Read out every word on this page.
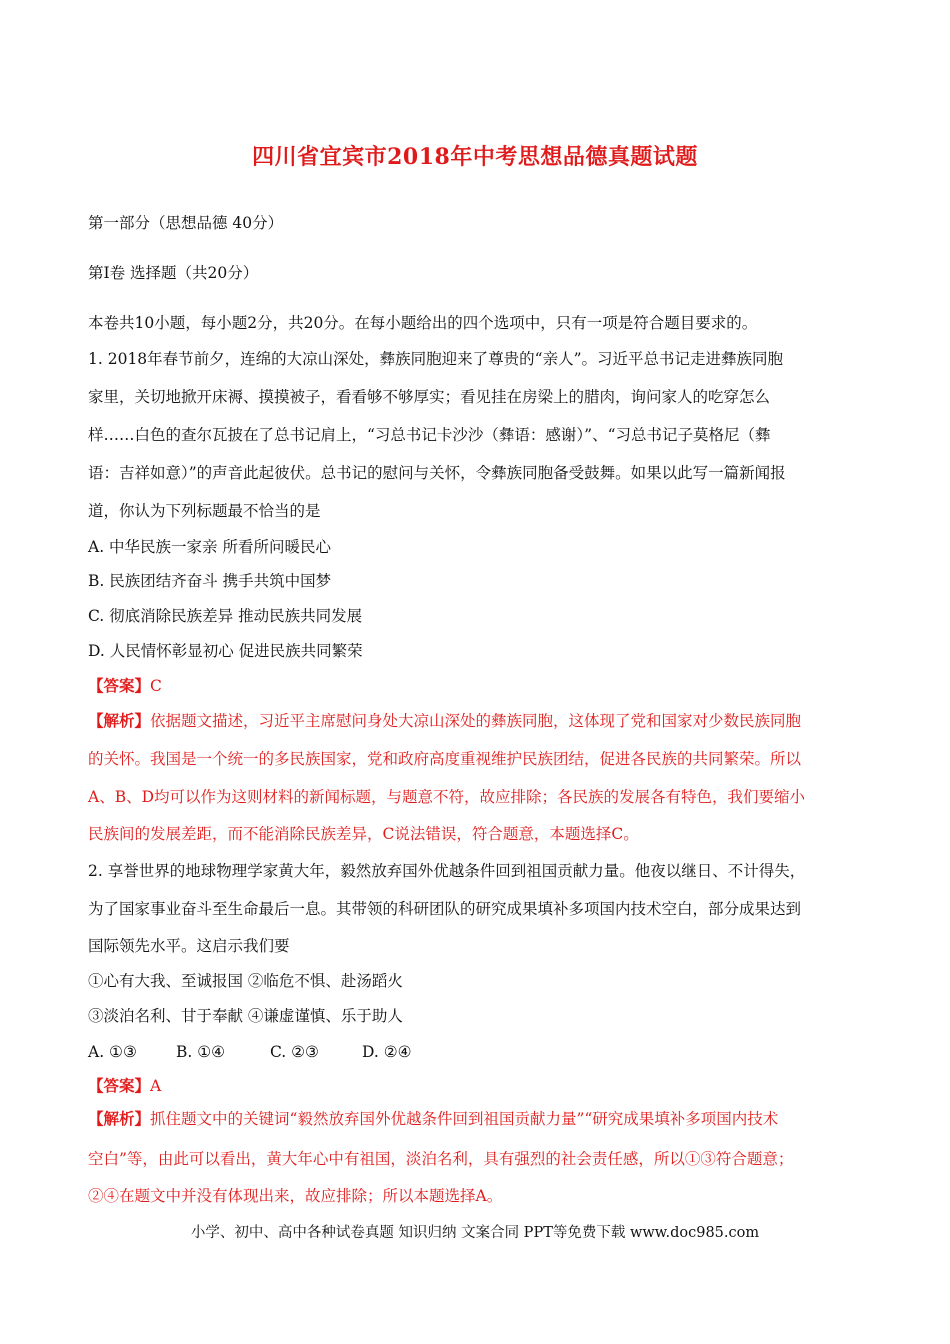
四川省宜宾市2018年中考思想品德真题试题
第一部分（思想品德 40分）
第Ⅰ卷 选择题（共20分）
本卷共10小题，每小题2分，共20分。在每小题给出的四个选项中，只有一项是符合题目要求的。
1. 2018年春节前夕，连绵的大凉山深处，彝族同胞迎来了尊贵的“亲人”。习近平总书记走进彝族同胞
家里，关切地掀开床褥、摸摸被子，看看够不够厚实；看见挂在房梁上的腊肉，询问家人的吃穿怎么
样……白色的查尔瓦披在了总书记肩上，“习总书记卡沙沙（彝语：感谢）”、“习总书记子莫格尼（彝
语：吉祥如意）”的声音此起彼伏。总书记的慰问与关怀，令彝族同胞备受鼓舞。如果以此写一篇新闻报
道，你认为下列标题最不恰当的是
A. 中华民族一家亲 所看所问暖民心
B. 民族团结齐奋斗 携手共筑中国梦
C. 彻底消除民族差异 推动民族共同发展
D. 人民情怀彰显初心 促进民族共同繁荣
【答案】C
【解析】依据题文描述，习近平主席慰问身处大凉山深处的彝族同胞，这体现了党和国家对少数民族同胞
的关怀。我国是一个统一的多民族国家，党和政府高度重视维护民族团结，促进各民族的共同繁荣。所以
A、B、D均可以作为这则材料的新闻标题，与题意不符，故应排除；各民族的发展各有特色，我们要缩小
民族间的发展差距，而不能消除民族差异，C说法错误，符合题意，本题选择C。
2. 享誉世界的地球物理学家黄大年，毅然放弃国外优越条件回到祖国贡献力量。他夜以继日、不计得失，
为了国家事业奋斗至生命最后一息。其带领的科研团队的研究成果填补多项国内技术空白，部分成果达到
国际领先水平。这启示我们要
①心有大我、至诚报国 ②临危不惧、赴汤蹈火
③淡泊名利、甘于奉献 ④谦虚谨慎、乐于助人
A. ①③	B. ①④	C. ②③	D. ②④
【答案】A
【解析】抓住题文中的关键词“毅然放弃国外优越条件回到祖国贡献力量”“研究成果填补多项国内技术
空白”等，由此可以看出，黄大年心中有祖国，淡泊名利，具有强烈的社会责任感，所以①③符合题意；
②④在题文中并没有体现出来，故应排除；所以本题选择A。
小学、初中、高中各种试卷真题 知识归纳 文案合同 PPT等免费下载 www.doc985.com
